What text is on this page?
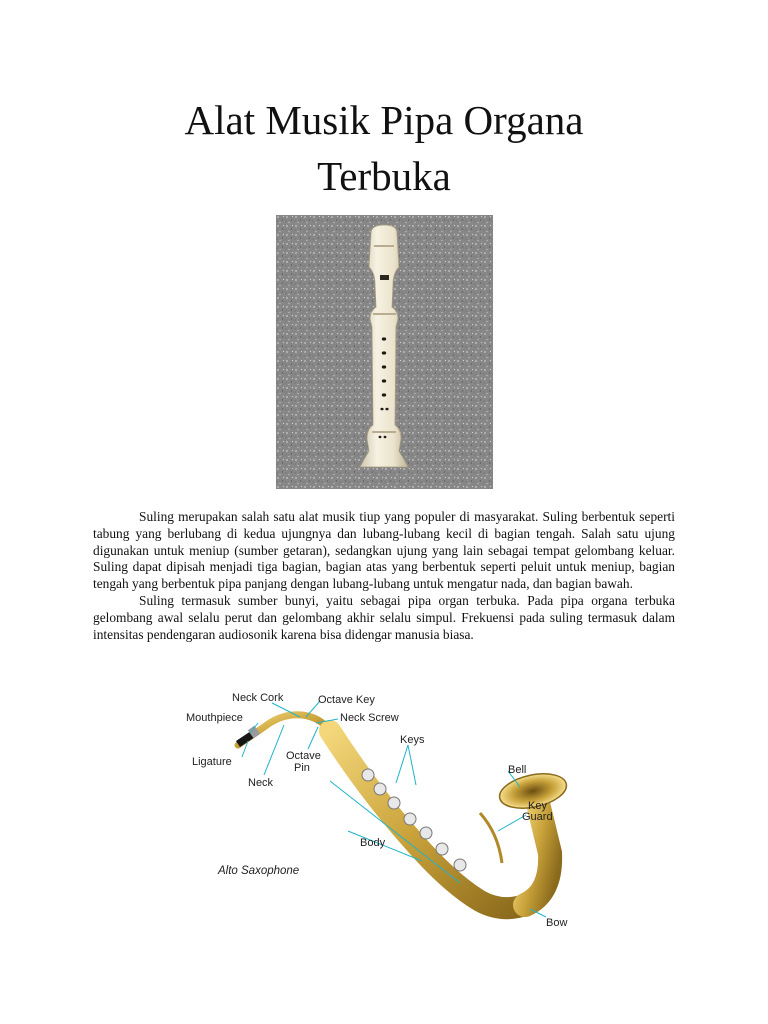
Alat Musik Pipa Organa
Terbuka

Suling merupakan salah satu alat musik tiup yang populer di masyarakat. Suling berbentuk seperti tabung yang berlubang di kedua ujungnya dan lubang-lubang kecil di bagian tengah. Salah satu ujung digunakan untuk meniup (sumber getaran), sedangkan ujung yang lain sebagai tempat gelombang keluar. Suling dapat dipisah menjadi tiga bagian, bagian atas yang berbentuk seperti peluit untuk meniup, bagian tengah yang berbentuk pipa panjang dengan lubang-lubang untuk mengatur nada, dan bagian bawah.

Suling termasuk sumber bunyi, yaitu sebagai pipa organ terbuka. Pada pipa organa terbuka gelombang awal selalu perut dan gelombang akhir selalu simpul. Frekuensi pada suling termasuk dalam intensitas pendengaran audiosonik karena bisa didengar manusia biasa.

Neck Cork	Octave Key
Mouthpiece	Neck Screw
Keys
Ligature	Octave
Pin
Neck
Bell
Key
Guard
Body
Bow
Alto Saxophone
